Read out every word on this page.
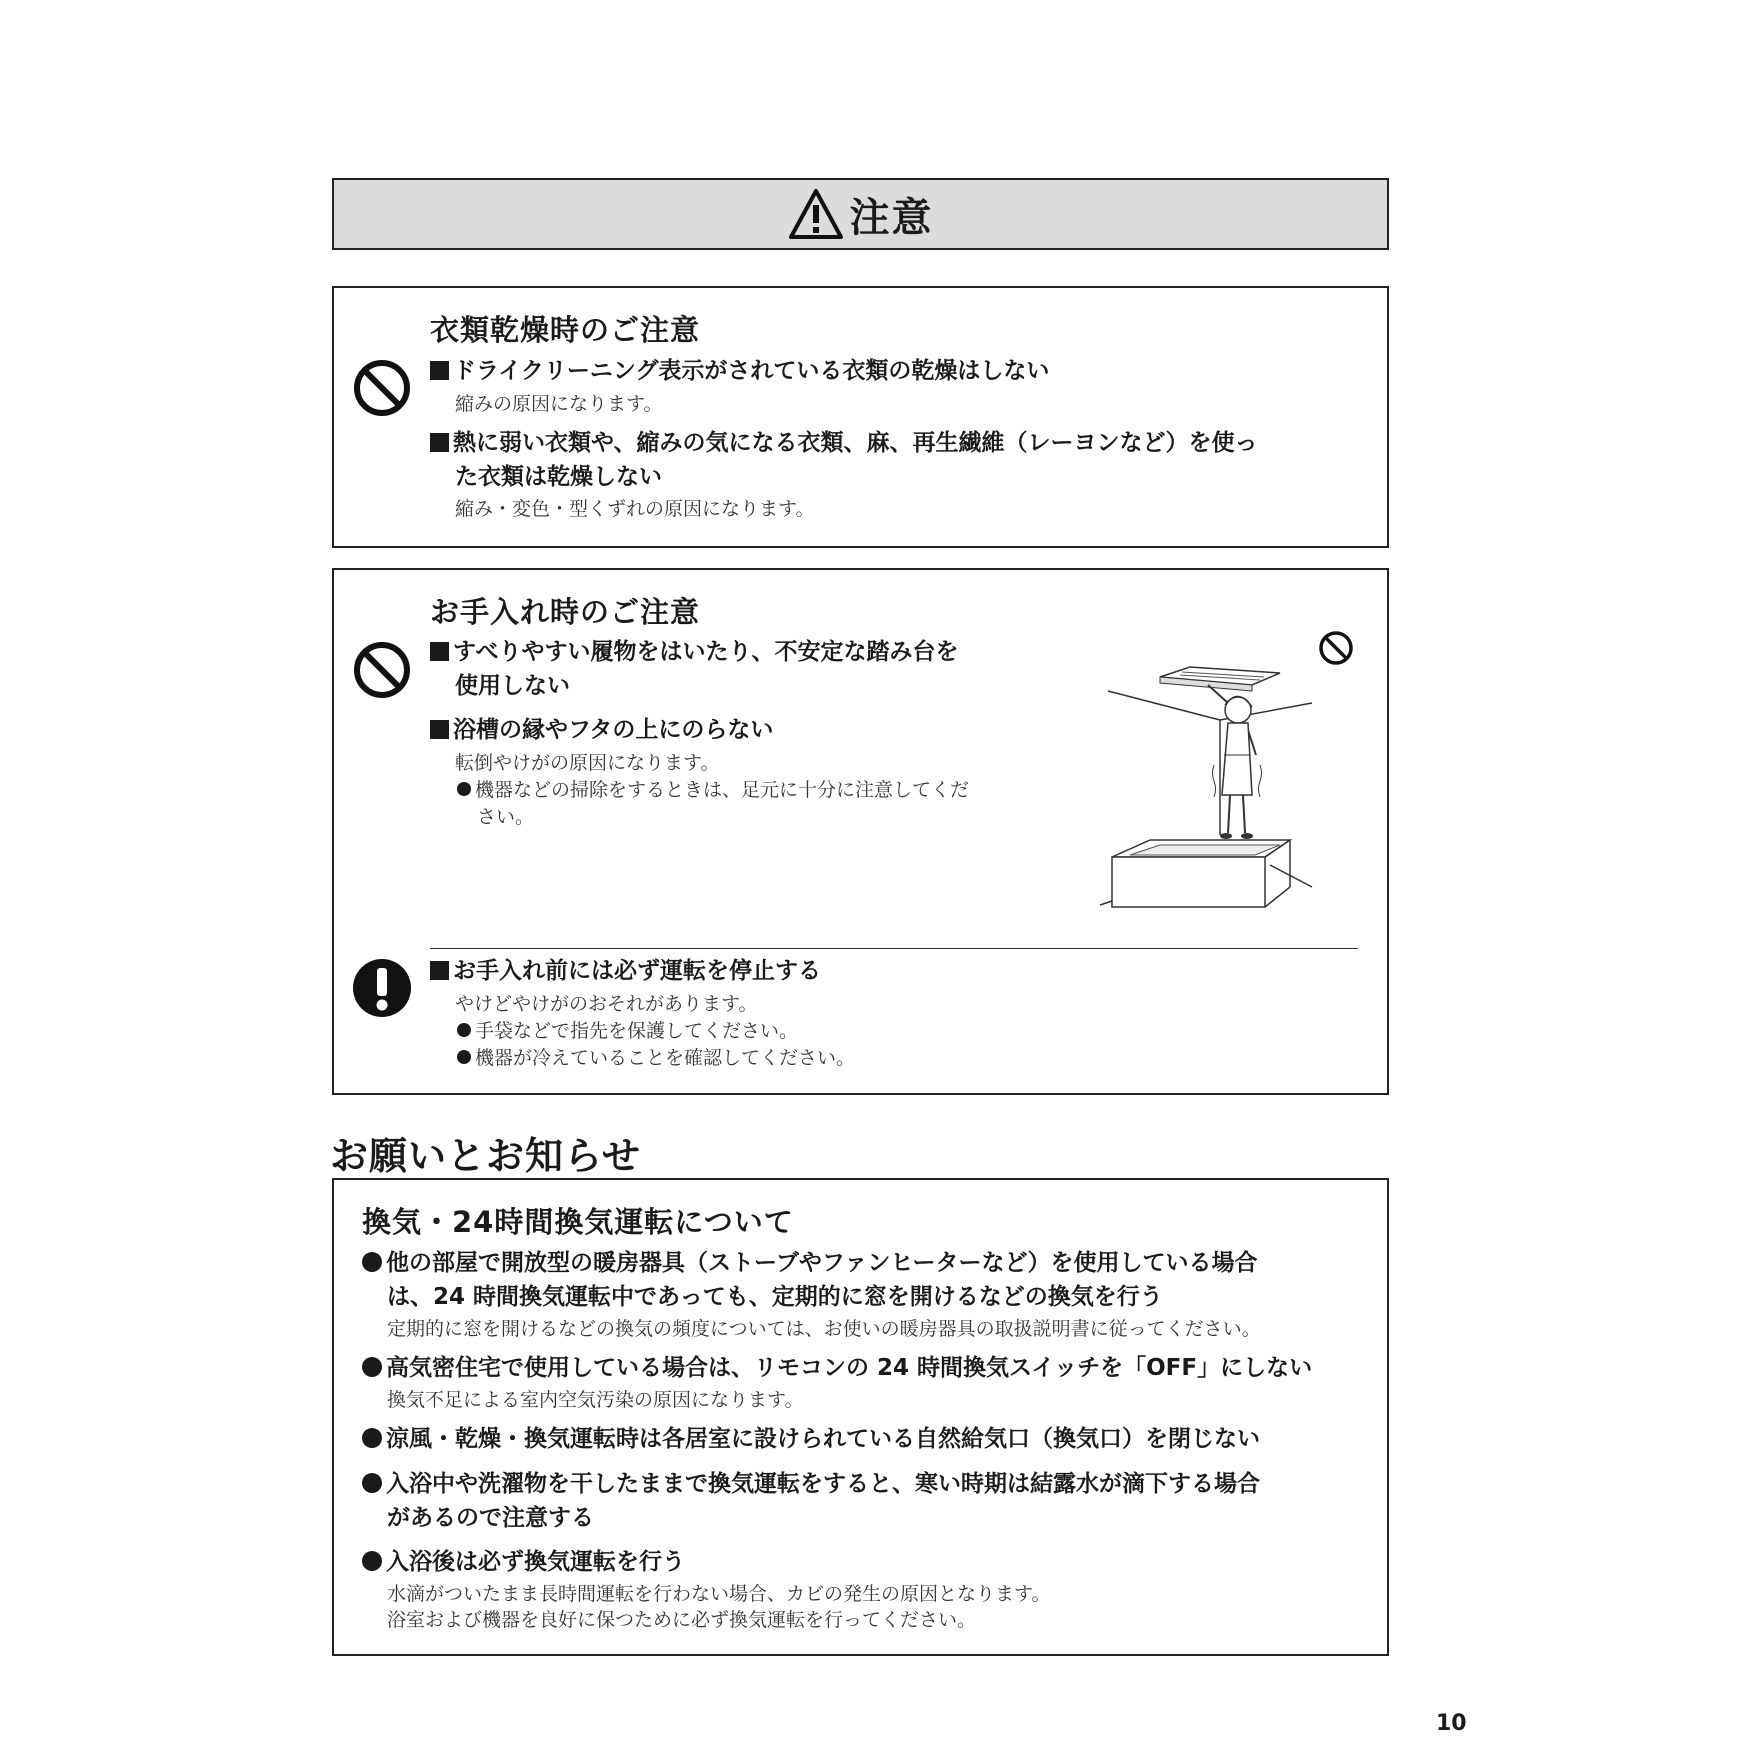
注意
衣類乾燥時のご注意
ドライクリーニング表示がされている衣類の乾燥はしない
縮みの原因になります。
熱に弱い衣類や、縮みの気になる衣類、麻、再生繊維（レーヨンなど）を使っ
た衣類は乾燥しない
縮み・変色・型くずれの原因になります。
お手入れ時のご注意
すべりやすい履物をはいたり、不安定な踏み台を
使用しない
浴槽の縁やフタの上にのらない
転倒やけがの原因になります。
機器などの掃除をするときは、足元に十分に注意してくだ
さい。
お手入れ前には必ず運転を停止する
やけどやけがのおそれがあります。
手袋などで指先を保護してください。
機器が冷えていることを確認してください。
お願いとお知らせ
換気・24時間換気運転について
他の部屋で開放型の暖房器具（ストーブやファンヒーターなど）を使用している場合
は、24 時間換気運転中であっても、定期的に窓を開けるなどの換気を行う
定期的に窓を開けるなどの換気の頻度については、お使いの暖房器具の取扱説明書に従ってください。
高気密住宅で使用している場合は、リモコンの 24 時間換気スイッチを「OFF」にしない
換気不足による室内空気汚染の原因になります。
涼風・乾燥・換気運転時は各居室に設けられている自然給気口（換気口）を閉じない
入浴中や洗濯物を干したままで換気運転をすると、寒い時期は結露水が滴下する場合
があるので注意する
入浴後は必ず換気運転を行う
水滴がついたまま長時間運転を行わない場合、カビの発生の原因となります。
浴室および機器を良好に保つために必ず換気運転を行ってください。
10
